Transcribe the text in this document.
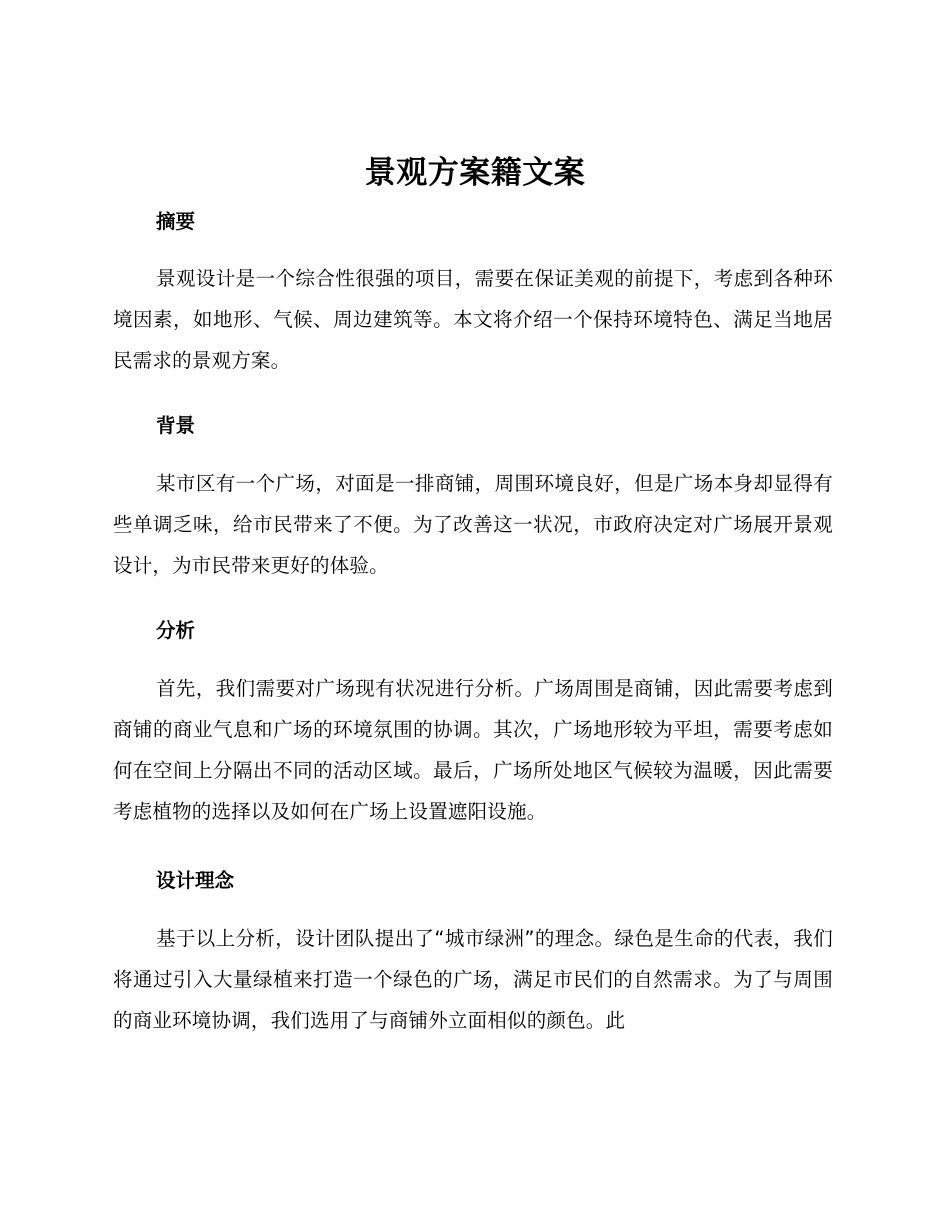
景观方案籍文案
摘要

景观设计是一个综合性很强的项目，需要在保证美观的前提下，考虑到各种环境因素，如地形、气候、周边建筑等。本文将介绍一个保持环境特色、满足当地居民需求的景观方案。

背景

某市区有一个广场，对面是一排商铺，周围环境良好，但是广场本身却显得有些单调乏味，给市民带来了不便。为了改善这一状况，市政府决定对广场展开景观设计，为市民带来更好的体验。

分析

首先，我们需要对广场现有状况进行分析。广场周围是商铺，因此需要考虑到商铺的商业气息和广场的环境氛围的协调。其次，广场地形较为平坦，需要考虑如何在空间上分隔出不同的活动区域。最后，广场所处地区气候较为温暖，因此需要考虑植物的选择以及如何在广场上设置遮阳设施。

设计理念

基于以上分析，设计团队提出了“城市绿洲”的理念。绿色是生命的代表，我们将通过引入大量绿植来打造一个绿色的广场，满足市民们的自然需求。为了与周围的商业环境协调，我们选用了与商铺外立面相似的颜色。此
